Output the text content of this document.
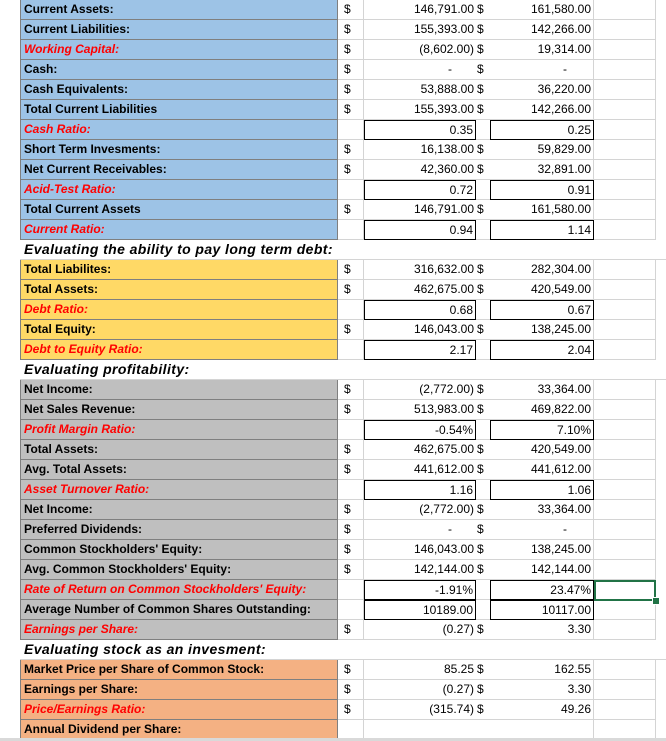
Current Assets:	$	146,791.00 $	161,580.00
Current Liabilities:	$	155,393.00 $	142,266.00
Working Capital:	$	(8,602.00) $	19,314.00
Cash:	$	-	$	-
Cash Equivalents:	$	53,888.00 $	36,220.00
Total Current Liabilities	$	155,393.00 $	142,266.00
Cash Ratio:	0.35	0.25
Short Term Invesments:	$	16,138.00 $	59,829.00
Net Current Receivables:	$	42,360.00 $	32,891.00
Acid-Test Ratio:	0.72	0.91
Total Current Assets	$	146,791.00 $	161,580.00
Current Ratio:	0.94	1.14
Evaluating the ability to pay long term debt:
Total Liabilites:	$	316,632.00 $	282,304.00
Total Assets:	$	462,675.00 $	420,549.00
Debt Ratio:	0.68	0.67
Total Equity:	$	146,043.00 $	138,245.00
Debt to Equity Ratio:	2.17	2.04
Evaluating profitability:
Net Income:	$	(2,772.00) $	33,364.00
Net Sales Revenue:	$	513,983.00 $	469,822.00
Profit Margin Ratio:	-0.54%	7.10%
Total Assets:	$	462,675.00 $	420,549.00
Avg. Total Assets:	$	441,612.00 $	441,612.00
Asset Turnover Ratio:	1.16	1.06
Net Income:	$	(2,772.00) $	33,364.00
Preferred Dividends:	$	-	$	-
Common Stockholders' Equity:	$	146,043.00 $	138,245.00
Avg. Common Stockholders' Equity:	$	142,144.00 $	142,144.00
Rate of Return on Common Stockholders' Equity:	-1.91%	23.47%
Average Number of Common Shares Outstanding:	10189.00	10117.00
Earnings per Share:	$	(0.27) $	3.30
Evaluating stock as an invesment:
Market Price per Share of Common Stock:	$	85.25 $	162.55
Earnings per Share:	$	(0.27) $	3.30
Price/Earnings Ratio:	$	(315.74) $	49.26
Annual Dividend per Share:
